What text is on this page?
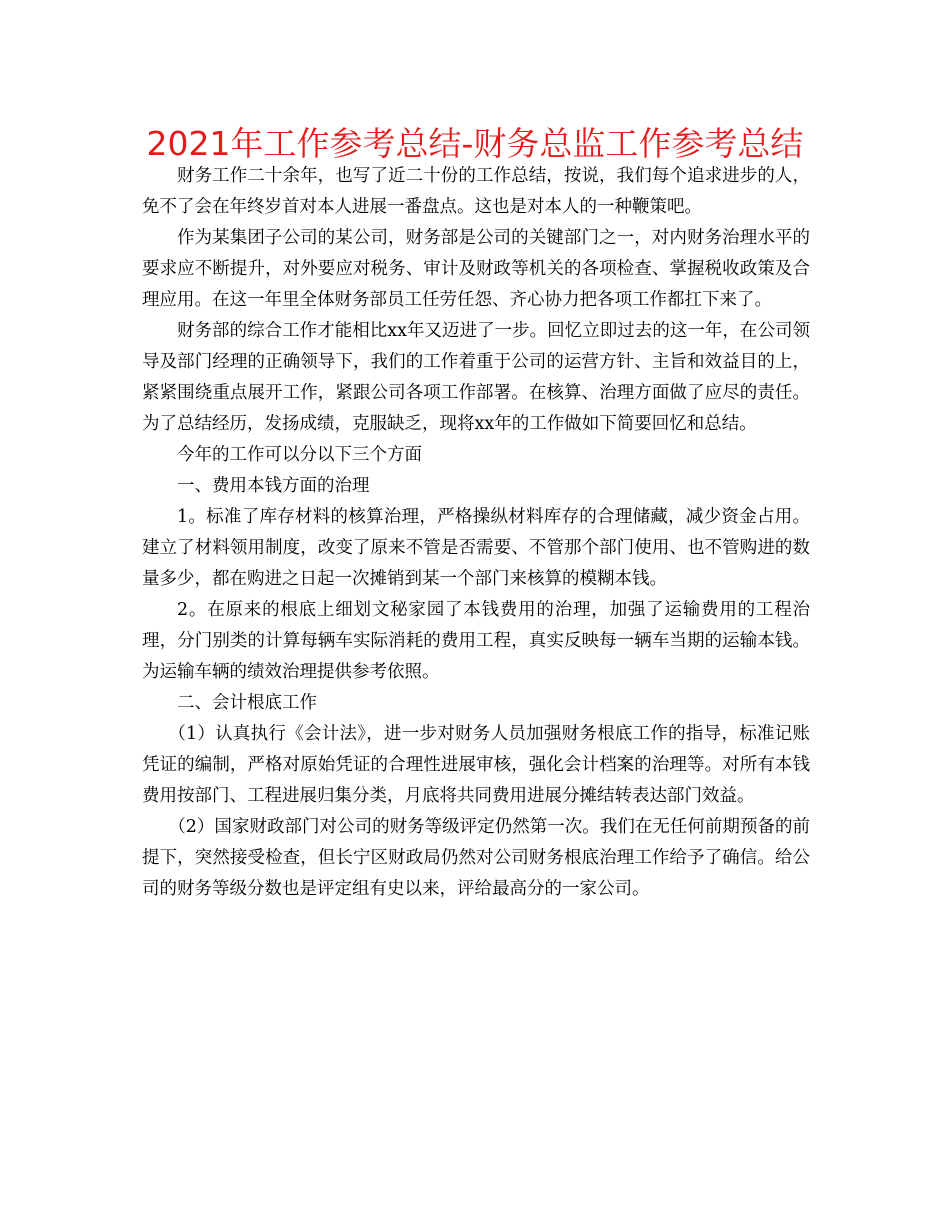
2021年工作参考总结-财务总监工作参考总结

财务工作二十余年，也写了近二十份的工作总结，按说，我们每个追求进步的人，免不了会在年终岁首对本人进展一番盘点。这也是对本人的一种鞭策吧。

作为某集团子公司的某公司，财务部是公司的关键部门之一，对内财务治理水平的要求应不断提升，对外要应对税务、审计及财政等机关的各项检查、掌握税收政策及合理应用。在这一年里全体财务部员工任劳任怨、齐心协力把各项工作都扛下来了。

财务部的综合工作才能相比xx年又迈进了一步。回忆立即过去的这一年，在公司领导及部门经理的正确领导下，我们的工作着重于公司的运营方针、主旨和效益目的上，紧紧围绕重点展开工作，紧跟公司各项工作部署。在核算、治理方面做了应尽的责任。为了总结经历，发扬成绩，克服缺乏，现将xx年的工作做如下简要回忆和总结。

今年的工作可以分以下三个方面

一、费用本钱方面的治理

1。标准了库存材料的核算治理，严格操纵材料库存的合理储藏，减少资金占用。建立了材料领用制度，改变了原来不管是否需要、不管那个部门使用、也不管购进的数量多少，都在购进之日起一次摊销到某一个部门来核算的模糊本钱。

2。在原来的根底上细划文秘家园了本钱费用的治理，加强了运输费用的工程治理，分门别类的计算每辆车实际消耗的费用工程，真实反映每一辆车当期的运输本钱。为运输车辆的绩效治理提供参考依照。

二、会计根底工作

（1）认真执行《会计法》，进一步对财务人员加强财务根底工作的指导，标准记账凭证的编制，严格对原始凭证的合理性进展审核，强化会计档案的治理等。对所有本钱费用按部门、工程进展归集分类，月底将共同费用进展分摊结转表达部门效益。

（2）国家财政部门对公司的财务等级评定仍然第一次。我们在无任何前期预备的前提下，突然接受检查，但长宁区财政局仍然对公司财务根底治理工作给予了确信。给公司的财务等级分数也是评定组有史以来，评给最高分的一家公司。
